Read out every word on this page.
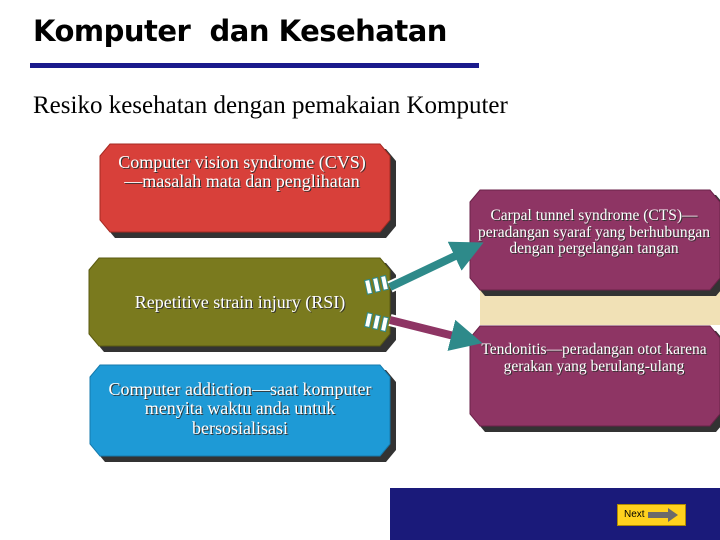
Komputer  dan Kesehatan
Resiko kesehatan dengan pemakaian Komputer
Computer vision syndrome (CVS)—masalah mata dan penglihatan
Repetitive strain injury (RSI)
Computer addiction—saat komputer menyita waktu anda untuk bersosialisasi
Carpal tunnel syndrome (CTS)—peradangan syaraf yang berhubungan dengan pergelangan tangan
Tendonitis—peradangan otot karena gerakan yang berulang-ulang
Next
